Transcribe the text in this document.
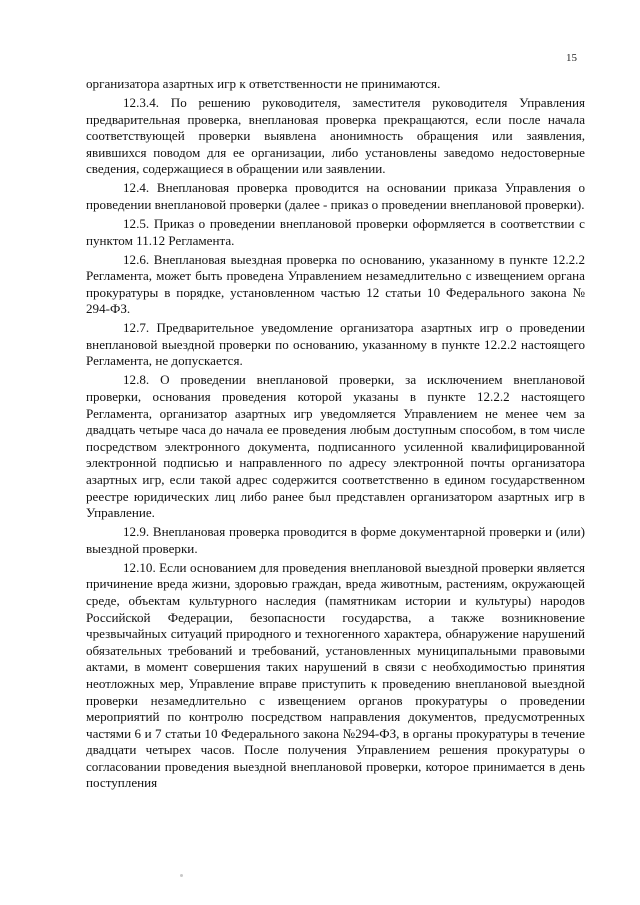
15

организатора азартных игр к ответственности не принимаются.

12.3.4. По решению руководителя, заместителя руководителя Управления предварительная проверка, внеплановая проверка прекращаются, если после начала соответствующей проверки выявлена анонимность обращения или заявления, явившихся поводом для ее организации, либо установлены заведомо недостоверные сведения, содержащиеся в обращении или заявлении.

12.4. Внеплановая проверка проводится на основании приказа Управления о проведении внеплановой проверки (далее - приказ о проведении внеплановой проверки).

12.5. Приказ о проведении внеплановой проверки оформляется в соответствии с пунктом 11.12 Регламента.

12.6. Внеплановая выездная проверка по основанию, указанному в пункте 12.2.2 Регламента, может быть проведена Управлением незамедлительно с извещением органа прокуратуры в порядке, установленном частью 12 статьи 10 Федерального закона № 294-ФЗ.

12.7. Предварительное уведомление организатора азартных игр о проведении внеплановой выездной проверки по основанию, указанному в пункте 12.2.2 настоящего Регламента, не допускается.

12.8. О проведении внеплановой проверки, за исключением внеплановой проверки, основания проведения которой указаны в пункте 12.2.2 настоящего Регламента, организатор азартных игр уведомляется Управлением не менее чем за двадцать четыре часа до начала ее проведения любым доступным способом, в том числе посредством электронного документа, подписанного усиленной квалифицированной электронной подписью и направленного по адресу электронной почты организатора азартных игр, если такой адрес содержится соответственно в едином государственном реестре юридических лиц либо ранее был представлен организатором азартных игр в Управление.

12.9. Внеплановая проверка проводится в форме документарной проверки и (или) выездной проверки.

12.10. Если основанием для проведения внеплановой выездной проверки является причинение вреда жизни, здоровью граждан, вреда животным, растениям, окружающей среде, объектам культурного наследия (памятникам истории и культуры) народов Российской Федерации, безопасности государства, а также возникновение чрезвычайных ситуаций природного и техногенного характера, обнаружение нарушений обязательных требований и требований, установленных муниципальными правовыми актами, в момент совершения таких нарушений в связи с необходимостью принятия неотложных мер, Управление вправе приступить к проведению внеплановой выездной проверки незамедлительно с извещением органов прокуратуры о проведении мероприятий по контролю посредством направления документов, предусмотренных частями 6 и 7 статьи 10 Федерального закона №294-ФЗ, в органы прокуратуры в течение двадцати четырех часов. После получения Управлением решения прокуратуры о согласовании проведения выездной внеплановой проверки, которое принимается в день поступления
